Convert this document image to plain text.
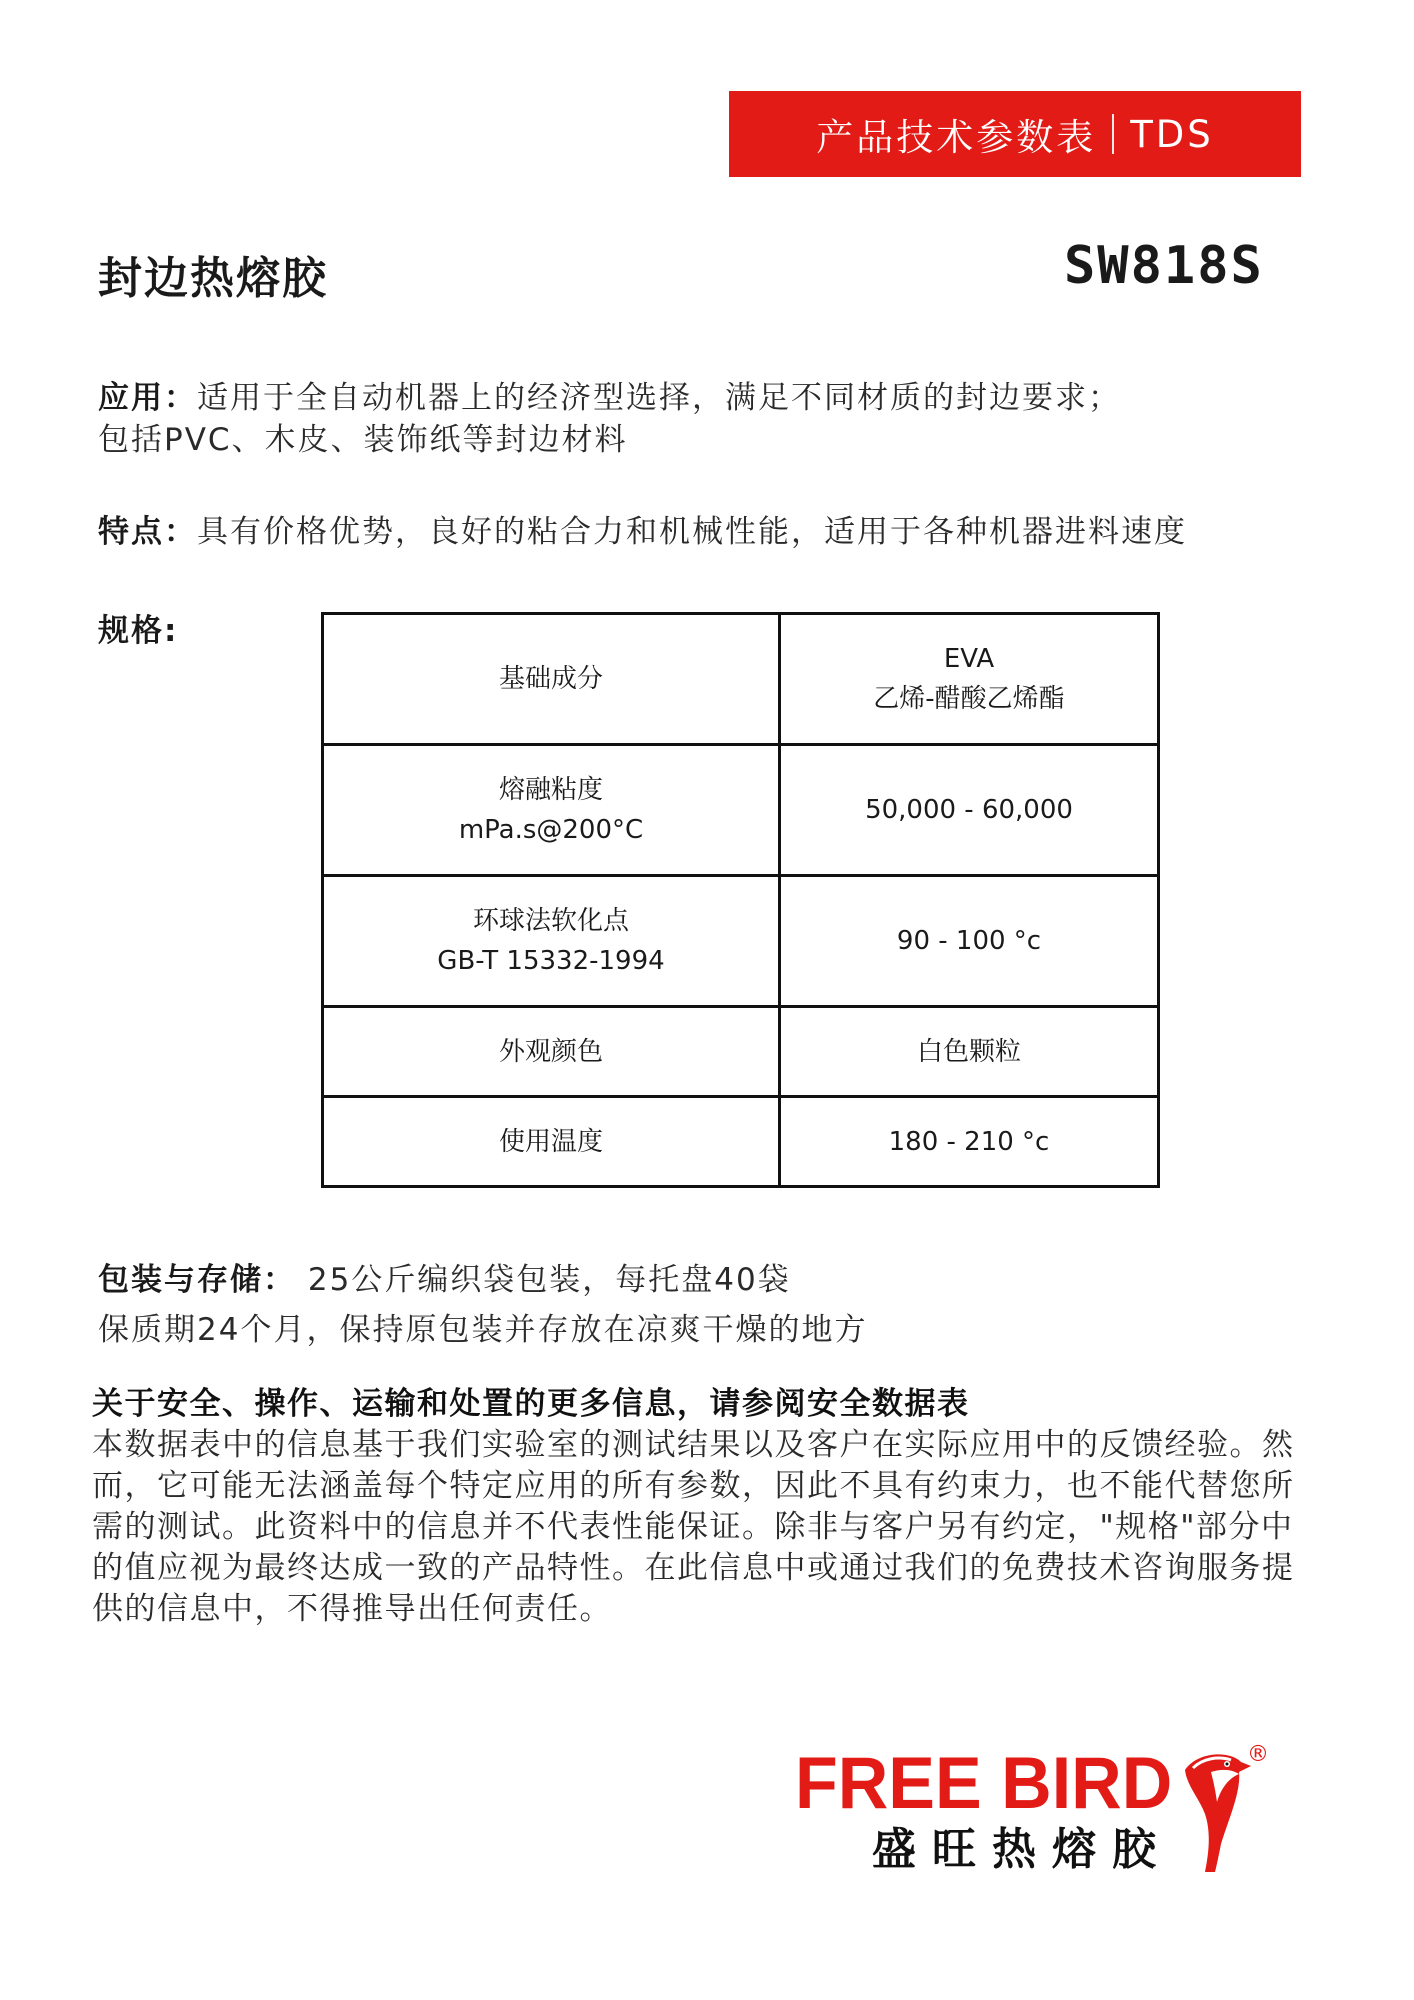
产品技术参数表 TDS
封边热熔胶	SW818S
应用：适用于全自动机器上的经济型选择，满足不同材质的封边要求；
包括PVC、木皮、装饰纸等封边材料
特点：具有价格优势，良好的粘合力和机械性能，适用于各种机器进料速度
规格:
基础成分	EVA
乙烯-醋酸乙烯酯
熔融粘度
mPa.s@200°C	50,000 - 60,000
环球法软化点
GB-T 15332-1994	90 - 100 °c
外观颜色	白色颗粒
使用温度	180 - 210 °c
包装与存储： 25公斤编织袋包装，每托盘40袋
保质期24个月，保持原包装并存放在凉爽干燥的地方
关于安全、操作、运输和处置的更多信息，请参阅安全数据表
本数据表中的信息基于我们实验室的测试结果以及客户在实际应用中的反馈经验。然而，它可能无法涵盖每个特定应用的所有参数，因此不具有约束力，也不能代替您所需的测试。此资料中的信息并不代表性能保证。除非与客户另有约定，"规格"部分中的值应视为最终达成一致的产品特性。在此信息中或通过我们的免费技术咨询服务提供的信息中，不得推导出任何责任。
FREE BIRD
盛旺热熔胶
®
